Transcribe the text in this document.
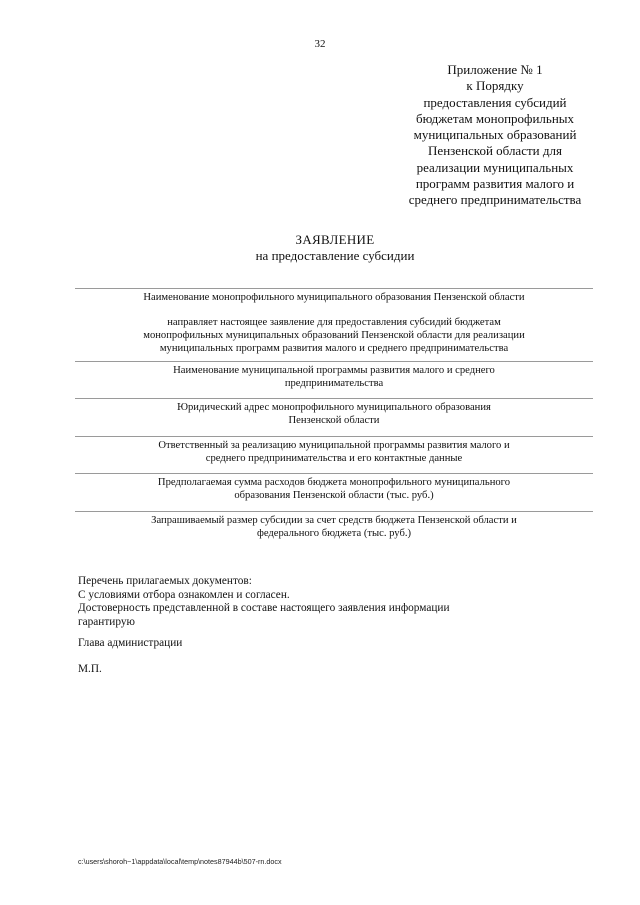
32
Приложение № 1
к Порядку
предоставления субсидий
бюджетам монопрофильных
муниципальных образований
Пензенской области для
реализации муниципальных
программ развития малого и
среднего предпринимательства
ЗАЯВЛЕНИЕ
на предоставление субсидии
Наименование монопрофильного муниципального образования Пензенской области
направляет настоящее заявление для предоставления субсидий бюджетам
монопрофильных муниципальных образований Пензенской области для реализации
муниципальных программ развития малого и среднего предпринимательства
Наименование муниципальной программы развития малого и среднего
предпринимательства
Юридический адрес монопрофильного муниципального образования
Пензенской области
Ответственный за реализацию муниципальной программы развития малого и
среднего предпринимательства и его контактные данные
Предполагаемая сумма расходов бюджета монопрофильного муниципального
образования Пензенской области (тыс. руб.)
Запрашиваемый размер субсидии за счет средств бюджета Пензенской области и
федерального бюджета (тыс. руб.)
Перечень прилагаемых документов:
С условиями отбора ознакомлен и согласен.
Достоверность представленной в составе настоящего заявления информации
гарантирую
Глава администрации
М.П.
c:\users\shoroh~1\appdata\local\temp\notes87944b\507-rn.docx
